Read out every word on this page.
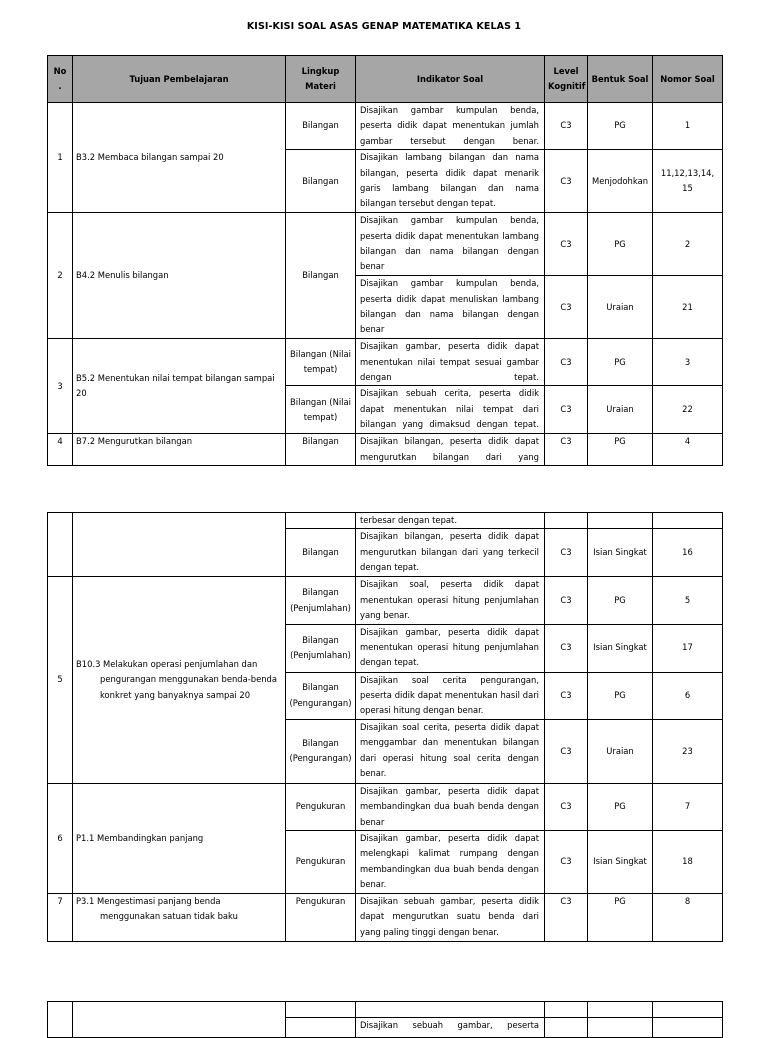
KISI-KISI SOAL ASAS GENAP MATEMATIKA KELAS 1
No .	Tujuan Pembelajaran	Lingkup Materi	Indikator Soal	Level Kognitif	Bentuk Soal	Nomor Soal
1	B3.2 Membaca bilangan sampai 20	Bilangan	Disajikan gambar kumpulan benda, peserta didik dapat menentukan jumlah gambar tersebut dengan benar.	C3	PG	1
		Bilangan	Disajikan lambang bilangan dan nama bilangan, peserta didik dapat menarik garis lambang bilangan dan nama bilangan tersebut dengan tepat.	C3	Menjodohkan	11,12,13,14, 15
2	B4.2 Menulis bilangan	Bilangan	Disajikan gambar kumpulan benda, peserta didik dapat menentukan lambang bilangan dan nama bilangan dengan benar	C3	PG	2
			Disajikan gambar kumpulan benda, peserta didik dapat menuliskan lambang bilangan dan nama bilangan dengan benar	C3	Uraian	21
3	B5.2 Menentukan nilai tempat bilangan sampai 20	Bilangan (Nilai tempat)	Disajikan gambar, peserta didik dapat menentukan nilai tempat sesuai gambar dengan tepat.	C3	PG	3
		Bilangan (Nilai tempat)	Disajikan sebuah cerita, peserta didik dapat menentukan nilai tempat dari bilangan yang dimaksud dengan tepat.	C3	Uraian	22
4	B7.2 Mengurutkan bilangan	Bilangan	Disajikan bilangan, peserta didik dapat mengurutkan bilangan dari yang	C3	PG	4
			terbesar dengan tepat.			
		Bilangan	Disajikan bilangan, peserta didik dapat mengurutkan bilangan dari yang terkecil dengan tepat.	C3	Isian Singkat	16
5	B10.3 Melakukan operasi penjumlahan dan pengurangan menggunakan benda-benda konkret yang banyaknya sampai 20	Bilangan (Penjumlahan)	Disajikan soal, peserta didik dapat menentukan operasi hitung penjumlahan yang benar.	C3	PG	5
		Bilangan (Penjumlahan)	Disajikan gambar, peserta didik dapat menentukan operasi hitung penjumlahan dengan tepat.	C3	Isian Singkat	17
		Bilangan (Pengurangan)	Disajikan soal cerita pengurangan, peserta didik dapat menentukan hasil dari operasi hitung dengan benar.	C3	PG	6
		Bilangan (Pengurangan)	Disajikan soal cerita, peserta didik dapat menggambar dan menentukan bilangan dari operasi hitung soal cerita dengan benar.	C3	Uraian	23
6	P1.1 Membandingkan panjang	Pengukuran	Disajikan gambar, peserta didik dapat membandingkan dua buah benda dengan benar	C3	PG	7
		Pengukuran	Disajikan gambar, peserta didik dapat melengkapi kalimat rumpang dengan membandingkan dua buah benda dengan benar.	C3	Isian Singkat	18
7	P3.1 Mengestimasi panjang benda menggunakan satuan tidak baku	Pengukuran	Disajikan sebuah gambar, peserta didik dapat mengurutkan suatu benda dari yang paling tinggi dengan benar.	C3	PG	8

			Disajikan sebuah gambar, peserta			
